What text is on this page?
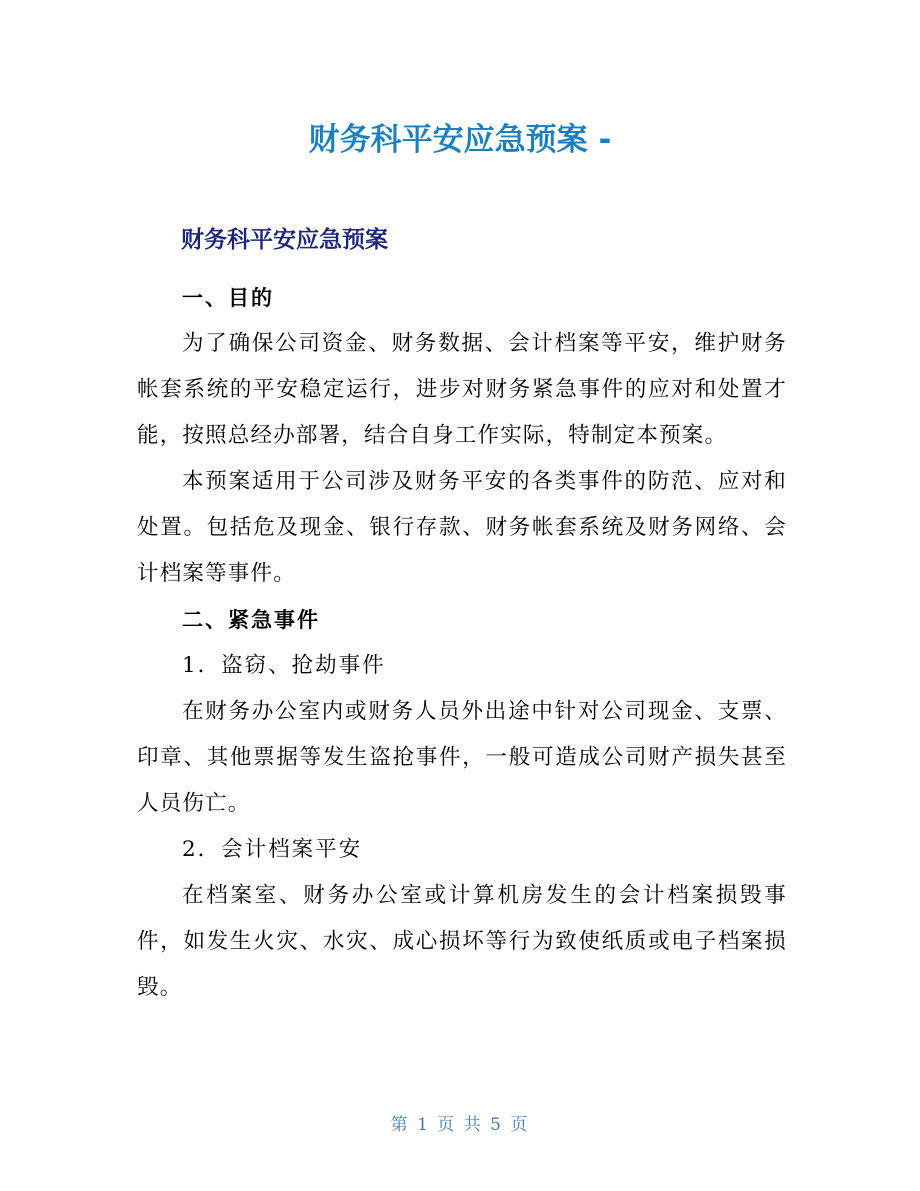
财务科平安应急预案 -
财务科平安应急预案
一、目的

为了确保公司资金、财务数据、会计档案等平安，维护财务帐套系统的平安稳定运行，进步对财务紧急事件的应对和处置才能，按照总经办部署，结合自身工作实际，特制定本预案。

本预案适用于公司涉及财务平安的各类事件的防范、应对和处置。包括危及现金、银行存款、财务帐套系统及财务网络、会计档案等事件。

二、紧急事件
1．盗窃、抢劫事件

在财务办公室内或财务人员外出途中针对公司现金、支票、印章、其他票据等发生盗抢事件，一般可造成公司财产损失甚至人员伤亡。

2．会计档案平安

在档案室、财务办公室或计算机房发生的会计档案损毁事件，如发生火灾、水灾、成心损坏等行为致使纸质或电子档案损毁。

第 1 页 共 5 页
